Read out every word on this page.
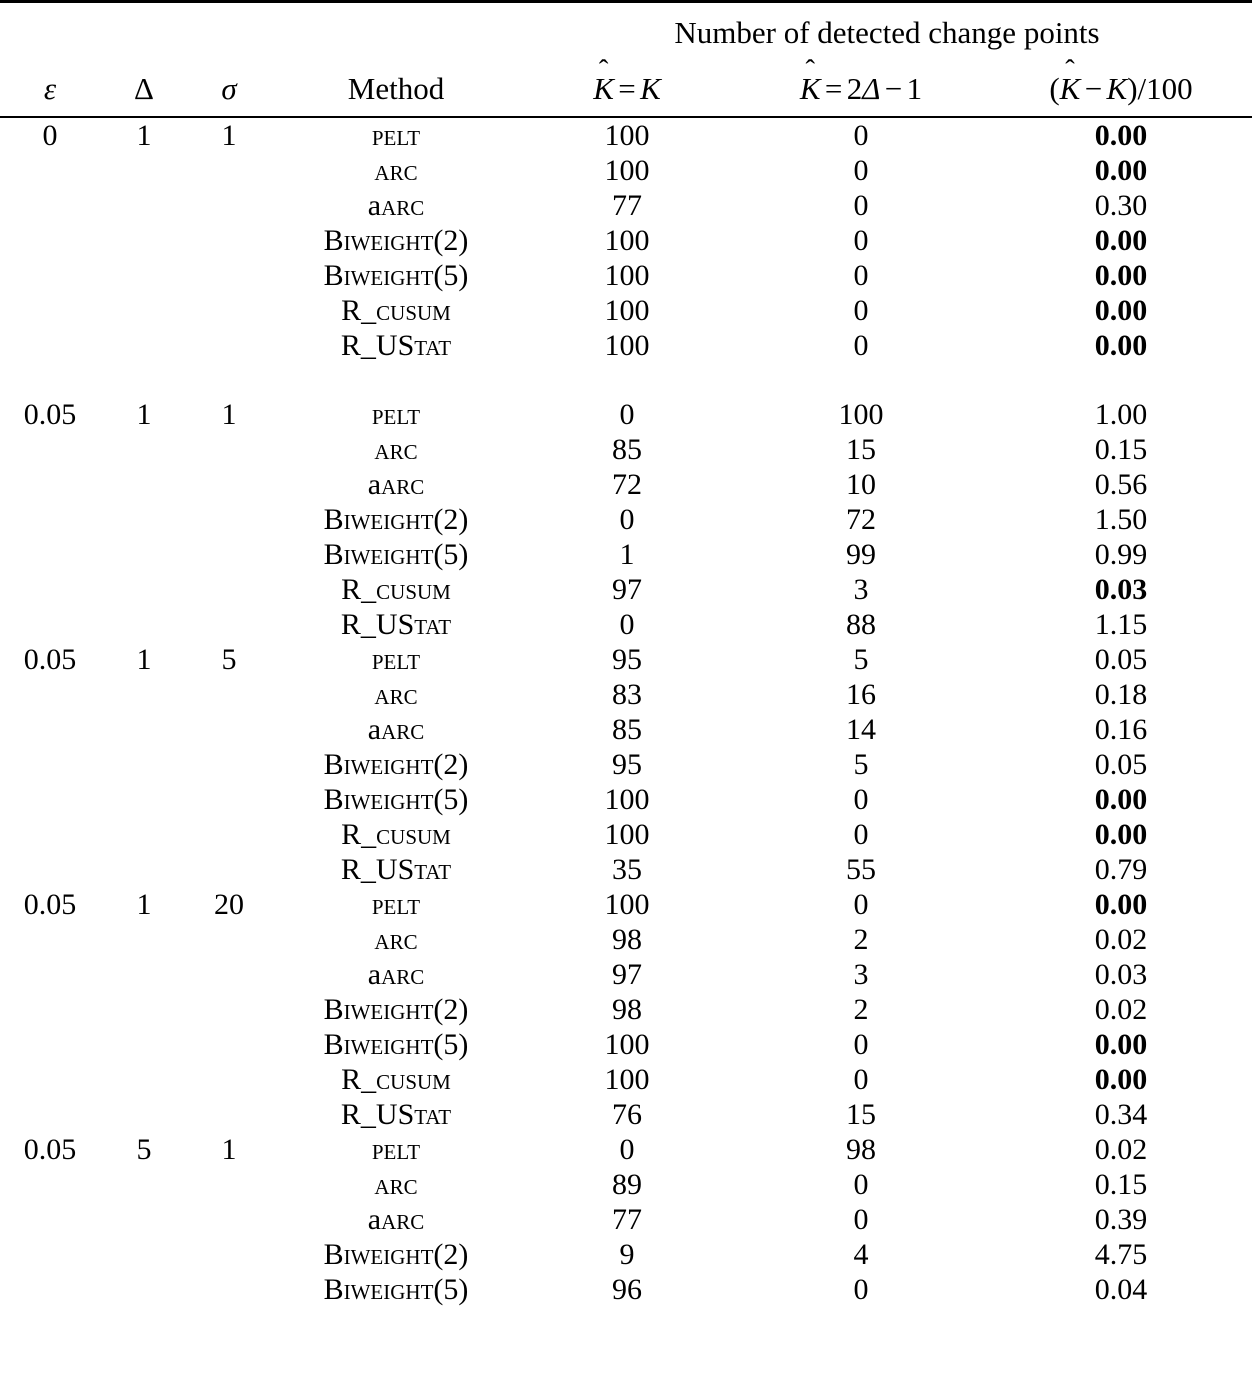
				Number of detected change points		
ε	Δ	σ	Method	K = K	K = 2Δ − 1	(K − K)/100

0	1	1	pelt	100	0	0.00
			arc	100	0	0.00
			aarc	77	0	0.30
			Biweight(2)	100	0	0.00
			Biweight(5)	100	0	0.00
			R_cusum	100	0	0.00
			R_UStat	100	0	0.00

0.05	1	1	pelt	0	100	1.00
			arc	85	15	0.15
			aarc	72	10	0.56
			Biweight(2)	0	72	1.50
			Biweight(5)	1	99	0.99
			R_cusum	97	3	0.03
			R_UStat	0	88	1.15
0.05	1	5	pelt	95	5	0.05
			arc	83	16	0.18
			aarc	85	14	0.16
			Biweight(2)	95	5	0.05
			Biweight(5)	100	0	0.00
			R_cusum	100	0	0.00
			R_UStat	35	55	0.79
0.05	1	20	pelt	100	0	0.00
			arc	98	2	0.02
			aarc	97	3	0.03
			Biweight(2)	98	2	0.02
			Biweight(5)	100	0	0.00
			R_cusum	100	0	0.00
			R_UStat	76	15	0.34
0.05	5	1	pelt	0	98	0.02
			arc	89	0	0.15
			aarc	77	0	0.39
			Biweight(2)	9	4	4.75
			Biweight(5)	96	0	0.04
